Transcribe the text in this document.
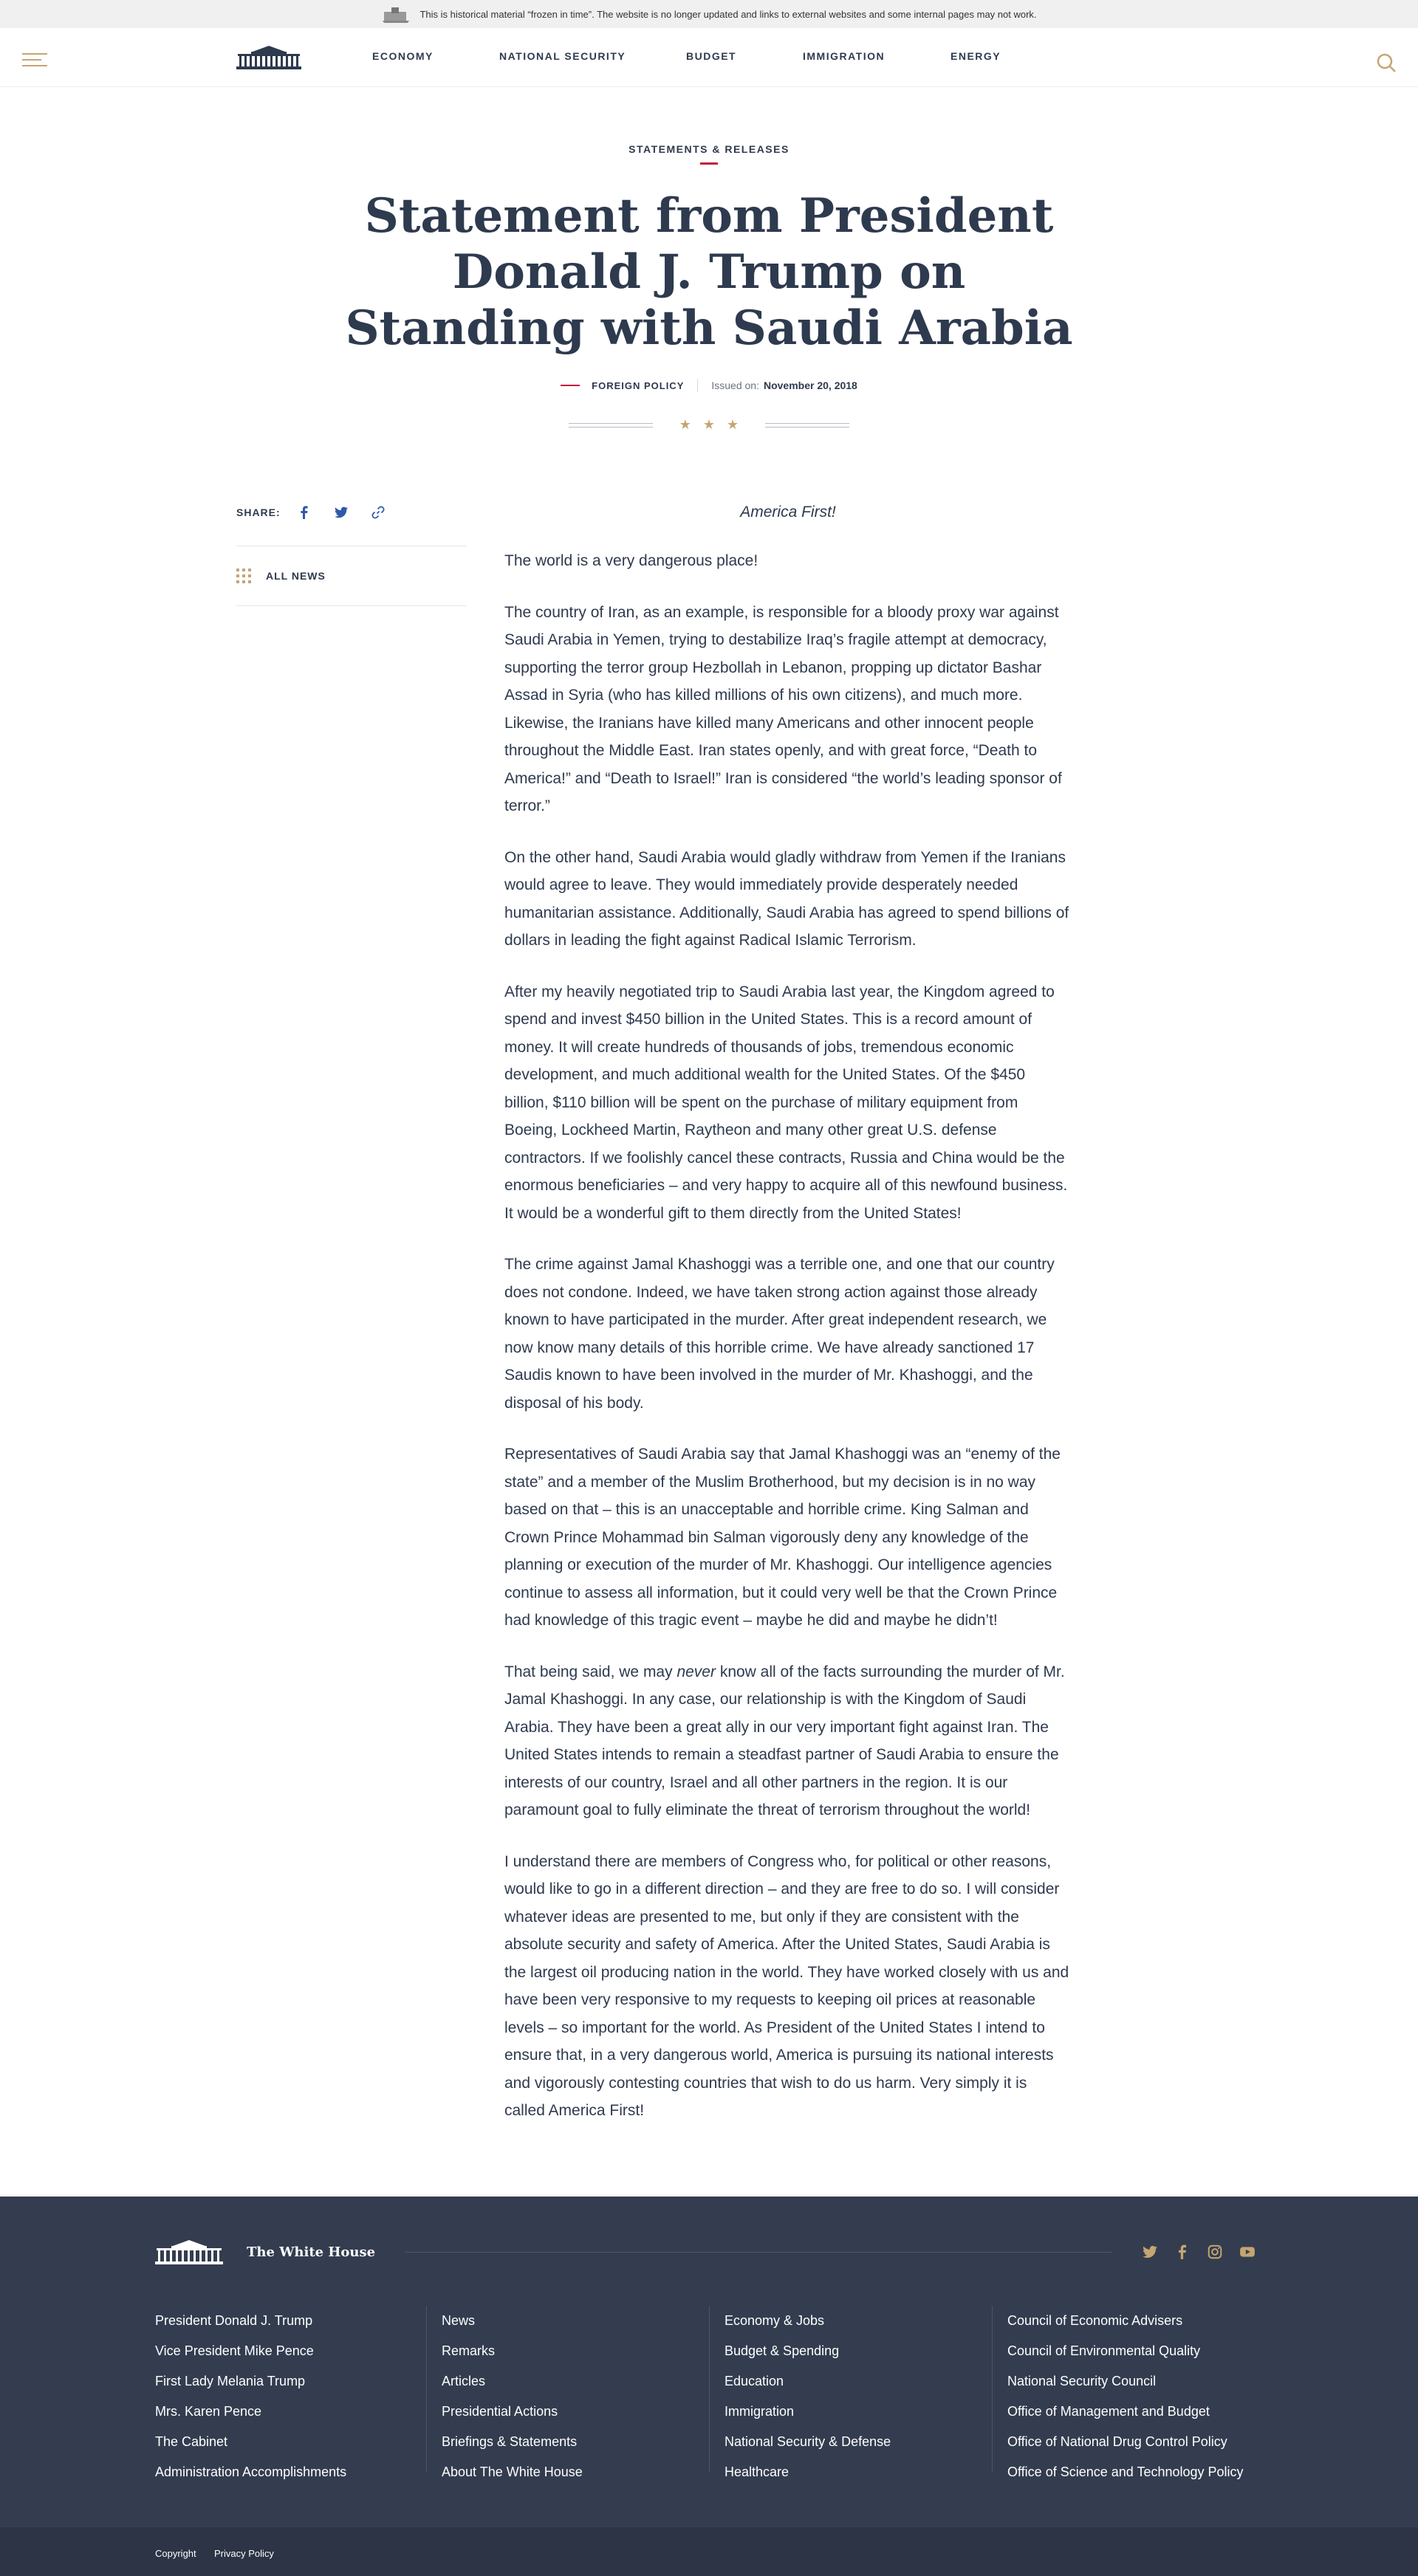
This is historical material “frozen in time”. The website is no longer updated and links to external websites and some internal pages may not work.
ECONOMY	NATIONAL SECURITY	BUDGET	IMMIGRATION	ENERGY
STATEMENTS & RELEASES
Statement from President Donald J. Trump on Standing with Saudi Arabia
FOREIGN POLICY	Issued on: November 20, 2018
★★★
SHARE:
ALL NEWS
America First!

The world is a very dangerous place!

The country of Iran, as an example, is responsible for a bloody proxy war against Saudi Arabia in Yemen, trying to destabilize Iraq’s fragile attempt at democracy, supporting the terror group Hezbollah in Lebanon, propping up dictator Bashar Assad in Syria (who has killed millions of his own citizens), and much more. Likewise, the Iranians have killed many Americans and other innocent people throughout the Middle East. Iran states openly, and with great force, “Death to America!” and “Death to Israel!” Iran is considered “the world’s leading sponsor of terror.”

On the other hand, Saudi Arabia would gladly withdraw from Yemen if the Iranians would agree to leave. They would immediately provide desperately needed humanitarian assistance. Additionally, Saudi Arabia has agreed to spend billions of dollars in leading the fight against Radical Islamic Terrorism.

After my heavily negotiated trip to Saudi Arabia last year, the Kingdom agreed to spend and invest $450 billion in the United States. This is a record amount of money. It will create hundreds of thousands of jobs, tremendous economic development, and much additional wealth for the United States. Of the $450 billion, $110 billion will be spent on the purchase of military equipment from Boeing, Lockheed Martin, Raytheon and many other great U.S. defense contractors. If we foolishly cancel these contracts, Russia and China would be the enormous beneficiaries – and very happy to acquire all of this newfound business. It would be a wonderful gift to them directly from the United States!

The crime against Jamal Khashoggi was a terrible one, and one that our country does not condone. Indeed, we have taken strong action against those already known to have participated in the murder. After great independent research, we now know many details of this horrible crime. We have already sanctioned 17 Saudis known to have been involved in the murder of Mr. Khashoggi, and the disposal of his body.

Representatives of Saudi Arabia say that Jamal Khashoggi was an “enemy of the state” and a member of the Muslim Brotherhood, but my decision is in no way based on that – this is an unacceptable and horrible crime. King Salman and Crown Prince Mohammad bin Salman vigorously deny any knowledge of the planning or execution of the murder of Mr. Khashoggi. Our intelligence agencies continue to assess all information, but it could very well be that the Crown Prince had knowledge of this tragic event – maybe he did and maybe he didn’t!

That being said, we may never know all of the facts surrounding the murder of Mr. Jamal Khashoggi. In any case, our relationship is with the Kingdom of Saudi Arabia. They have been a great ally in our very important fight against Iran. The United States intends to remain a steadfast partner of Saudi Arabia to ensure the interests of our country, Israel and all other partners in the region. It is our paramount goal to fully eliminate the threat of terrorism throughout the world!

I understand there are members of Congress who, for political or other reasons, would like to go in a different direction – and they are free to do so. I will consider whatever ideas are presented to me, but only if they are consistent with the absolute security and safety of America. After the United States, Saudi Arabia is the largest oil producing nation in the world. They have worked closely with us and have been very responsive to my requests to keeping oil prices at reasonable levels – so important for the world. As President of the United States I intend to ensure that, in a very dangerous world, America is pursuing its national interests and vigorously contesting countries that wish to do us harm. Very simply it is called America First!

The White House
President Donald J. Trump
Vice President Mike Pence
First Lady Melania Trump
Mrs. Karen Pence
The Cabinet
Administration Accomplishments
News
Remarks
Articles
Presidential Actions
Briefings & Statements
About The White House
Economy & Jobs
Budget & Spending
Education
Immigration
National Security & Defense
Healthcare
Council of Economic Advisers
Council of Environmental Quality
National Security Council
Office of Management and Budget
Office of National Drug Control Policy
Office of Science and Technology Policy
Copyright Privacy Policy
